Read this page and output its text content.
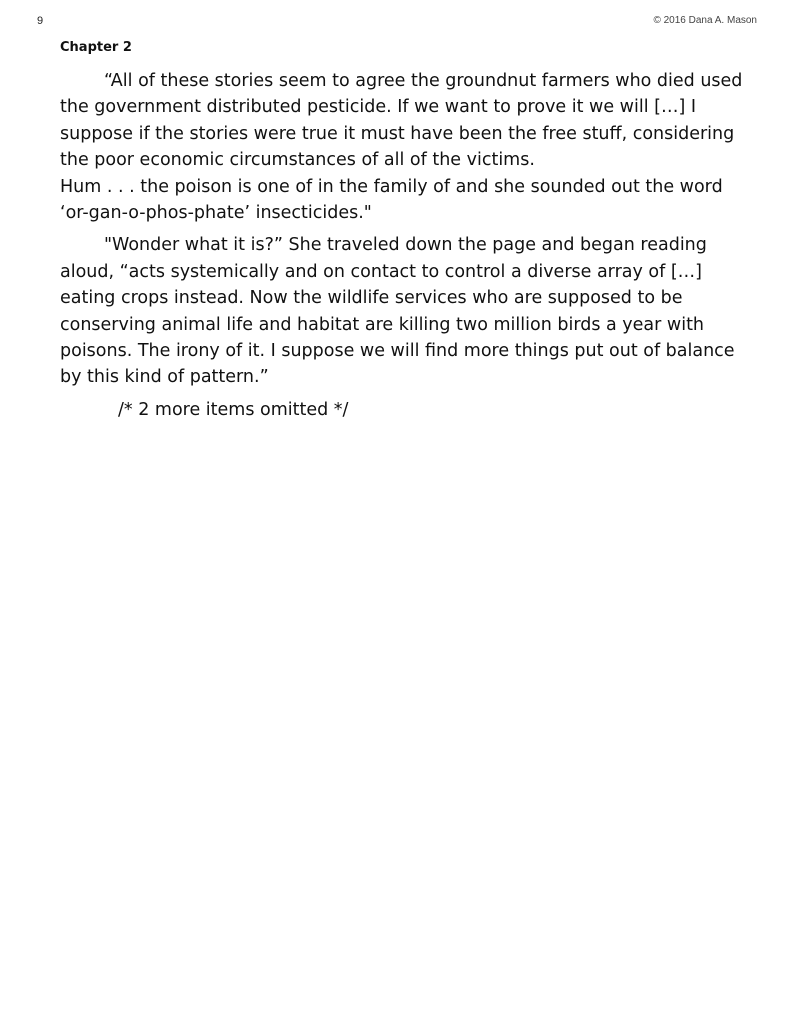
9	© 2016 Dana A. Mason
Chapter 2

“All of these stories seem to agree the groundnut farmers who died used the government distributed pesticide. If we want to prove it we will […] I suppose if the stories were true it must have been the free stuff, considering the poor economic circumstances of all of the victims.
Hum . . . the poison is one of in the family of and she sounded out the word ‘or-gan-o-phos-phate’ insecticides."

"Wonder what it is?” She traveled down the page and began reading aloud, “acts systemically and on contact to control a diverse array of […] eating crops instead. Now the wildlife services who are supposed to be conserving animal life and habitat are killing two million birds a year with poisons. The irony of it. I suppose we will find more things put out of balance by this kind of pattern.”

/* 2 more items omitted */
